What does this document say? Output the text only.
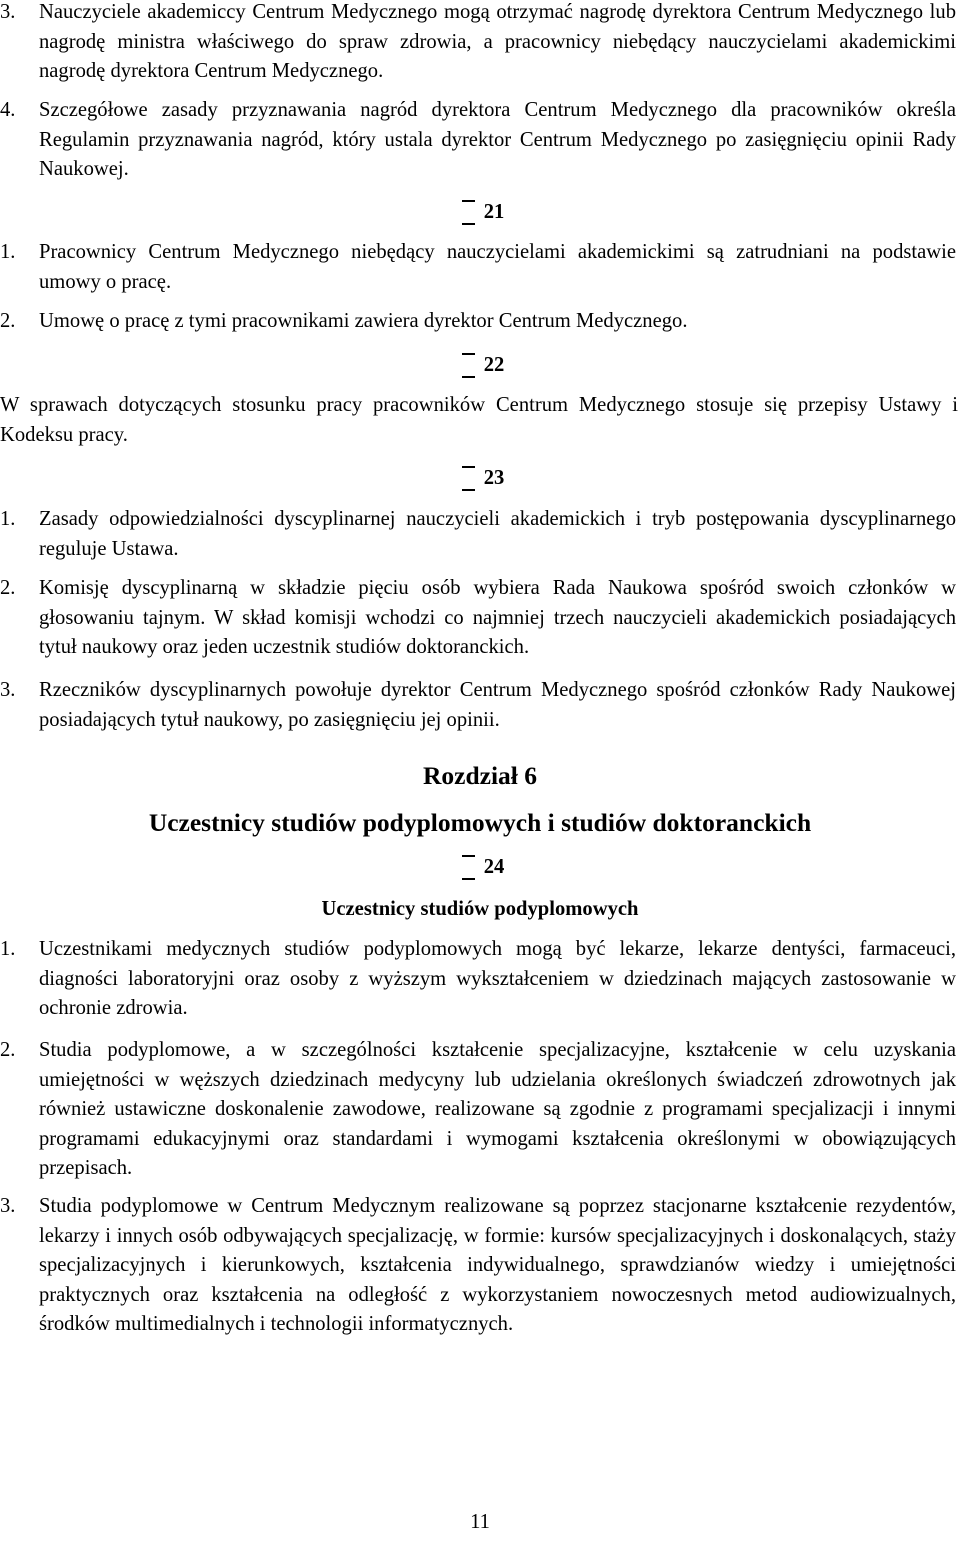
3. Nauczyciele akademiccy Centrum Medycznego mogą otrzymać nagrodę dyrektora Centrum Medycznego lub nagrodę ministra właściwego do spraw zdrowia, a pracownicy niebędący nauczycielami akademickimi nagrodę dyrektora Centrum Medycznego.
4. Szczegółowe zasady przyznawania nagród dyrektora Centrum Medycznego dla pracowników określa Regulamin przyznawania nagród, który ustala dyrektor Centrum Medycznego po zasięgnięciu opinii Rady Naukowej.
21
1. Pracownicy Centrum Medycznego niebędący nauczycielami akademickimi są zatrudniani na podstawie umowy o pracę.
2. Umowę o pracę z tymi pracownikami zawiera dyrektor Centrum Medycznego.
22
W sprawach dotyczących stosunku pracy pracowników Centrum Medycznego stosuje się przepisy Ustawy i Kodeksu pracy.
23
1. Zasady odpowiedzialności dyscyplinarnej nauczycieli akademickich i tryb postępowania dyscyplinarnego reguluje Ustawa.
2. Komisję dyscyplinarną w składzie pięciu osób wybiera Rada Naukowa spośród swoich członków w głosowaniu tajnym. W skład komisji wchodzi co najmniej trzech nauczycieli akademickich posiadających tytuł naukowy oraz jeden uczestnik studiów doktoranckich.
3. Rzeczników dyscyplinarnych powołuje dyrektor Centrum Medycznego spośród członków Rady Naukowej posiadających tytuł naukowy, po zasięgnięciu jej opinii.
Rozdział 6
Uczestnicy studiów podyplomowych i studiów doktoranckich
24
Uczestnicy studiów podyplomowych
1. Uczestnikami medycznych studiów podyplomowych mogą być lekarze, lekarze dentyści, farmaceuci, diagności laboratoryjni oraz osoby z wyższym wykształceniem w dziedzinach mających zastosowanie w ochronie zdrowia.
2. Studia podyplomowe, a w szczególności kształcenie specjalizacyjne, kształcenie w celu uzyskania umiejętności w węższych dziedzinach medycyny lub udzielania określonych świadczeń zdrowotnych jak również ustawiczne doskonalenie zawodowe, realizowane są zgodnie z programami specjalizacji i innymi programami edukacyjnymi oraz standardami i wymogami kształcenia określonymi w obowiązujących przepisach.
3. Studia podyplomowe w Centrum Medycznym realizowane są poprzez stacjonarne kształcenie rezydentów, lekarzy i innych osób odbywających specjalizację, w formie: kursów specjalizacyjnych i doskonalących, staży specjalizacyjnych i kierunkowych, kształcenia indywidualnego, sprawdzianów wiedzy i umiejętności praktycznych oraz kształcenia na odległość z wykorzystaniem nowoczesnych metod audiowizualnych, środków multimedialnych i technologii informatycznych.
11
